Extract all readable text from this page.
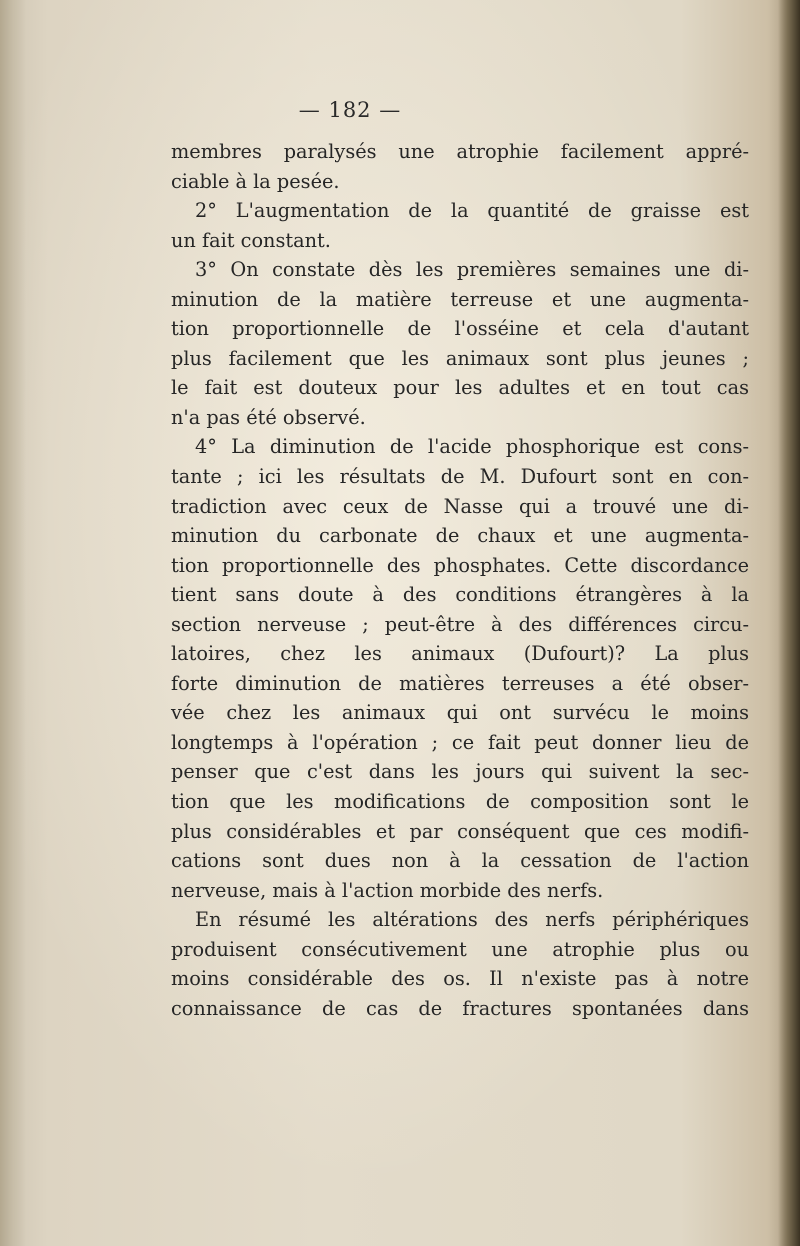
— 182 —
membres paralysés une atrophie facilement appré-
ciable à la pesée.
2° L'augmentation de la quantité de graisse est
un fait constant.
3° On constate dès les premières semaines une di-
minution de la matière terreuse et une augmenta-
tion proportionnelle de l'osséine et cela d'autant
plus facilement que les animaux sont plus jeunes ;
le fait est douteux pour les adultes et en tout cas
n'a pas été observé.
4° La diminution de l'acide phosphorique est cons-
tante ; ici les résultats de M. Dufourt sont en con-
tradiction avec ceux de Nasse qui a trouvé une di-
minution du carbonate de chaux et une augmenta-
tion proportionnelle des phosphates. Cette discordance
tient sans doute à des conditions étrangères à la
section nerveuse ; peut-être à des différences circu-
latoires, chez les animaux (Dufourt)? La plus
forte diminution de matières terreuses a été obser-
vée chez les animaux qui ont survécu le moins
longtemps à l'opération ; ce fait peut donner lieu de
penser que c'est dans les jours qui suivent la sec-
tion que les modifications de composition sont le
plus considérables et par conséquent que ces modifi-
cations sont dues non à la cessation de l'action
nerveuse, mais à l'action morbide des nerfs.
En résumé les altérations des nerfs périphériques
produisent consécutivement une atrophie plus ou
moins considérable des os. Il n'existe pas à notre
connaissance de cas de fractures spontanées dans
